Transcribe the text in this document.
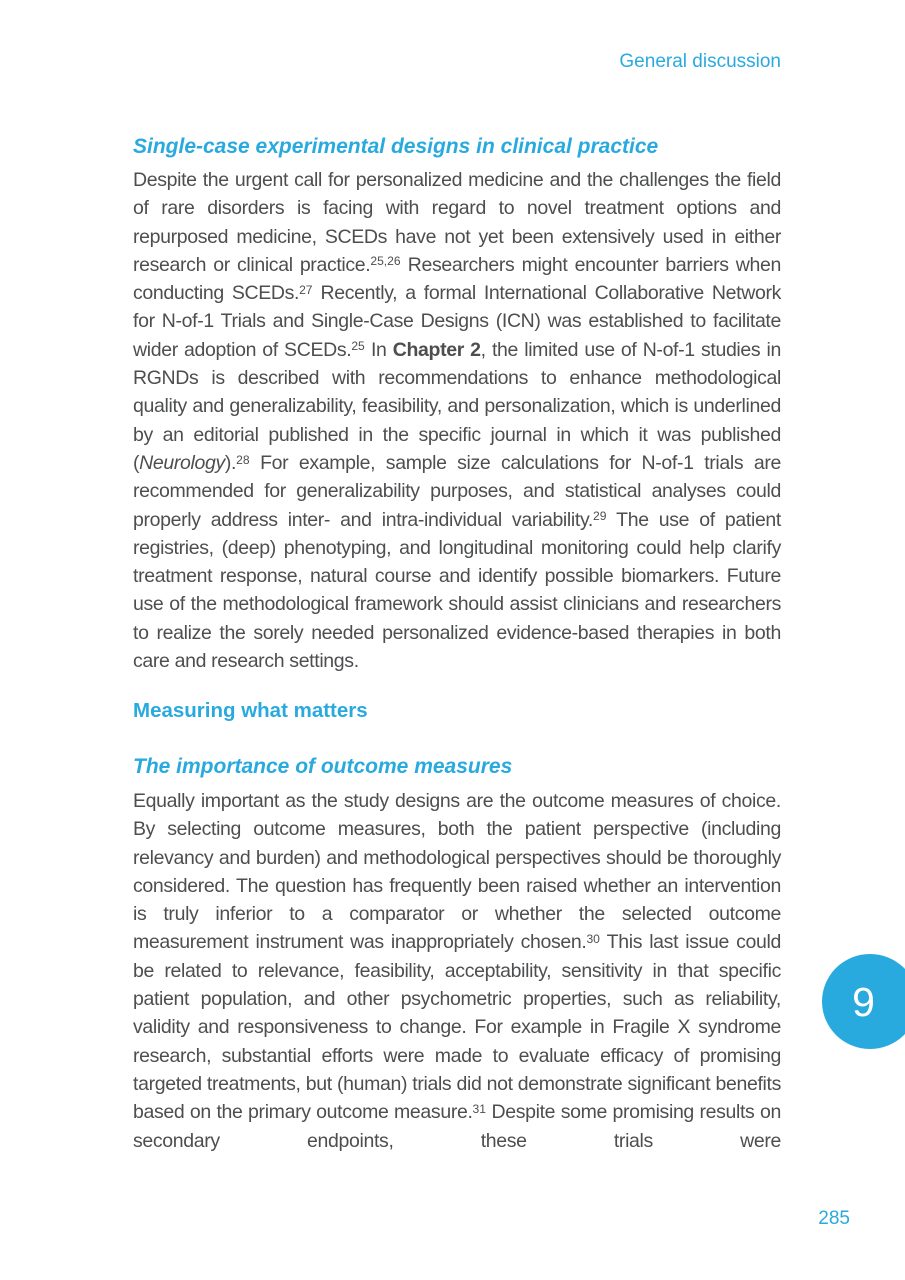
General discussion
Single-case experimental designs in clinical practice

Despite the urgent call for personalized medicine and the challenges the field of rare disorders is facing with regard to novel treatment options and repurposed medicine, SCEDs have not yet been extensively used in either research or clinical practice.$^{25,26}$ Researchers might encounter barriers when conducting SCEDs.$^{27}$ Recently, a formal International Collaborative Network for N-of-1 Trials and Single-Case Designs (ICN) was established to facilitate wider adoption of SCEDs.$^{25}$ In Chapter 2, the limited use of N-of-1 studies in RGNDs is described with recommendations to enhance methodological quality and generalizability, feasibility, and personalization, which is underlined by an editorial published in the specific journal in which it was published (Neurology).$^{28}$ For example, sample size calculations for N-of-1 trials are recommended for generalizability purposes, and statistical analyses could properly address inter- and intra-individual variability.$^{29}$ The use of patient registries, (deep) phenotyping, and longitudinal monitoring could help clarify treatment response, natural course and identify possible biomarkers. Future use of the methodological framework should assist clinicians and researchers to realize the sorely needed personalized evidence-based therapies in both care and research settings.

Measuring what matters
The importance of outcome measures

Equally important as the study designs are the outcome measures of choice. By selecting outcome measures, both the patient perspective (including relevancy and burden) and methodological perspectives should be thoroughly considered. The question has frequently been raised whether an intervention is truly inferior to a comparator or whether the selected outcome measurement instrument was inappropriately chosen.$^{30}$ This last issue could be related to relevance, feasibility, acceptability, sensitivity in that specific patient population, and other psychometric properties, such as reliability, validity and responsiveness to change. For example in Fragile X syndrome research, substantial efforts were made to evaluate efficacy of promising targeted treatments, but (human) trials did not demonstrate significant benefits based on the primary outcome measure.$^{31}$ Despite some promising results on secondary endpoints, these trials were

9
285
